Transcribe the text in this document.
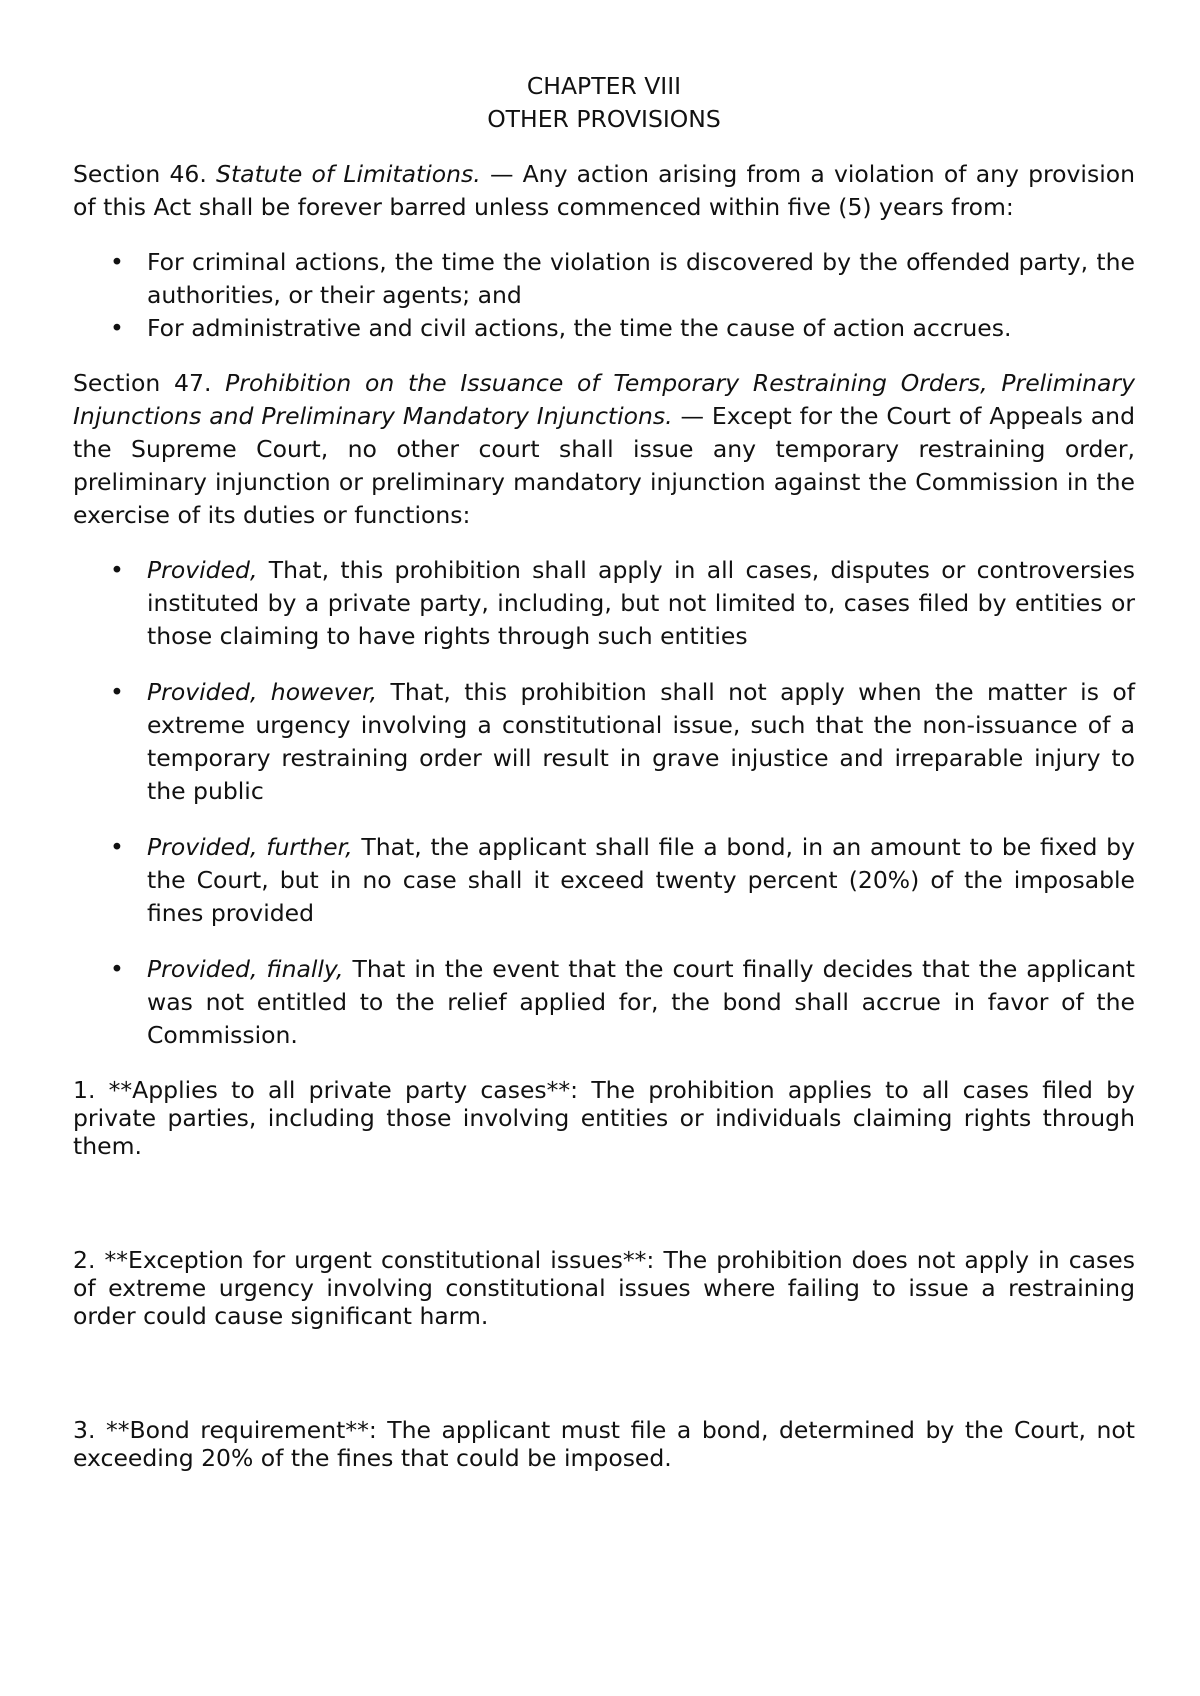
CHAPTER VIII
OTHER PROVISIONS

Section 46. Statute of Limitations. — Any action arising from a violation of any provision of this Act shall be forever barred unless commenced within five (5) years from:

• For criminal actions, the time the violation is discovered by the offended party, the authorities, or their agents; and
• For administrative and civil actions, the time the cause of action accrues.

Section 47. Prohibition on the Issuance of Temporary Restraining Orders, Preliminary Injunctions and Preliminary Mandatory Injunctions. — Except for the Court of Appeals and the Supreme Court, no other court shall issue any temporary restraining order, preliminary injunction or preliminary mandatory injunction against the Commission in the exercise of its duties or functions:

• Provided, That, this prohibition shall apply in all cases, disputes or controversies instituted by a private party, including, but not limited to, cases filed by entities or those claiming to have rights through such entities
• Provided, however, That, this prohibition shall not apply when the matter is of extreme urgency involving a constitutional issue, such that the non-issuance of a temporary restraining order will result in grave injustice and irreparable injury to the public
• Provided, further, That, the applicant shall file a bond, in an amount to be fixed by the Court, but in no case shall it exceed twenty percent (20%) of the imposable fines provided
• Provided, finally, That in the event that the court finally decides that the applicant was not entitled to the relief applied for, the bond shall accrue in favor of the Commission.

1. **Applies to all private party cases**: The prohibition applies to all cases filed by private parties, including those involving entities or individuals claiming rights through them.

2. **Exception for urgent constitutional issues**: The prohibition does not apply in cases of extreme urgency involving constitutional issues where failing to issue a restraining order could cause significant harm.

3. **Bond requirement**: The applicant must file a bond, determined by the Court, not exceeding 20% of the fines that could be imposed.
